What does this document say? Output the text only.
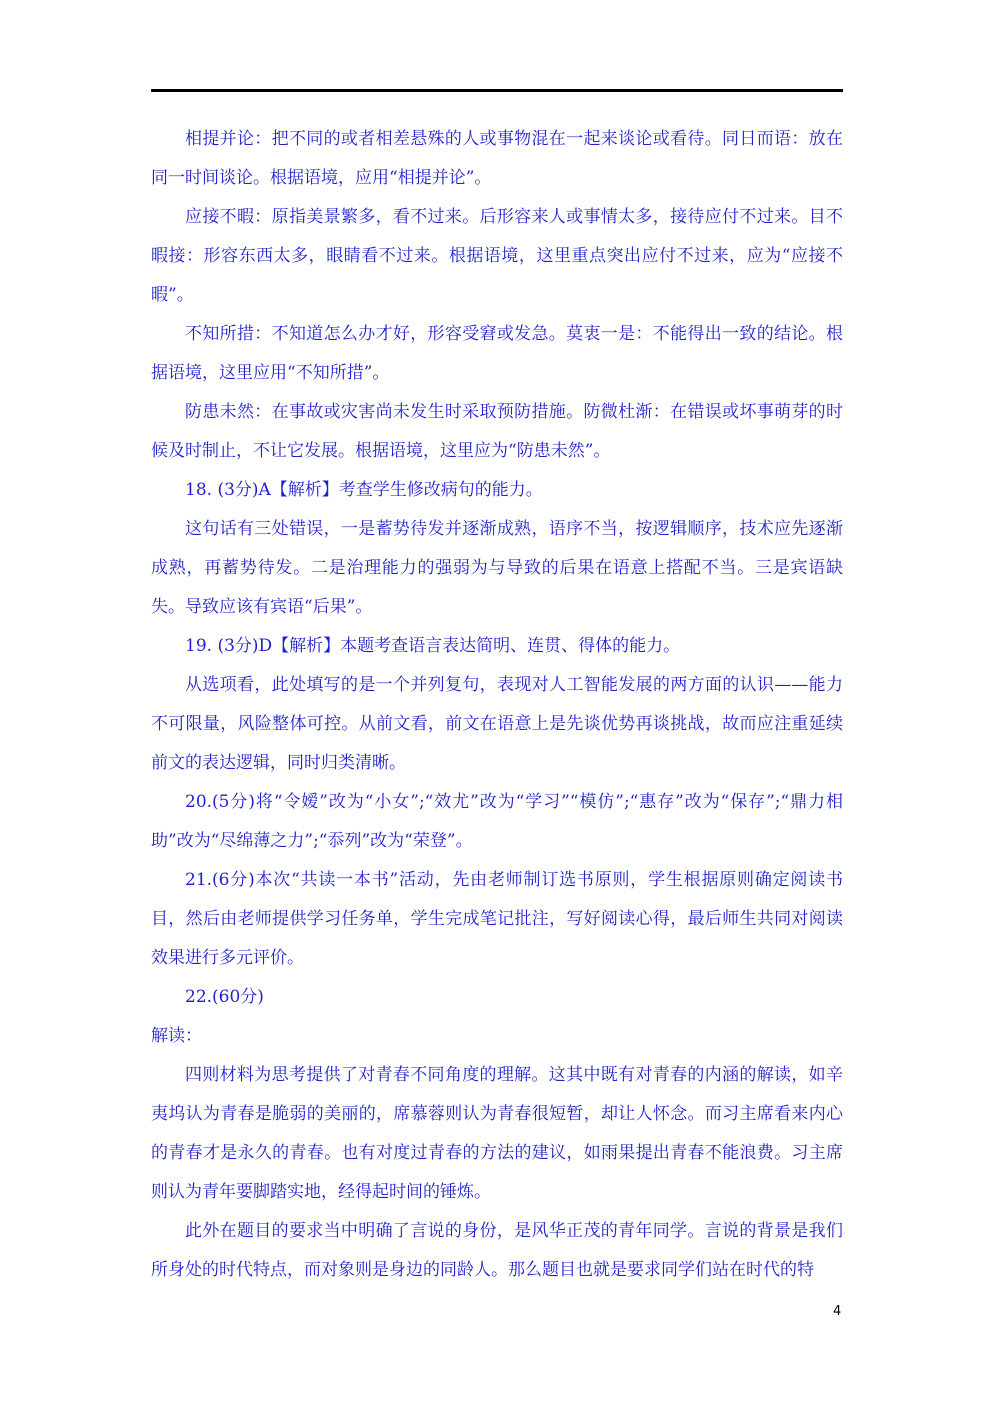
相提并论：把不同的或者相差悬殊的人或事物混在一起来谈论或看待。同日而语：放在同一时间谈论。根据语境，应用“相提并论”。

应接不暇：原指美景繁多，看不过来。后形容来人或事情太多，接待应付不过来。目不暇接：形容东西太多，眼睛看不过来。根据语境，这里重点突出应付不过来，应为“应接不暇”。

不知所措：不知道怎么办才好，形容受窘或发急。莫衷一是：不能得出一致的结论。根据语境，这里应用“不知所措”。

防患未然：在事故或灾害尚未发生时采取预防措施。防微杜渐：在错误或坏事萌芽的时候及时制止，不让它发展。根据语境，这里应为“防患未然”。

18. (3分)A【解析】考查学生修改病句的能力。

这句话有三处错误，一是蓄势待发并逐渐成熟，语序不当，按逻辑顺序，技术应先逐渐成熟，再蓄势待发。二是治理能力的强弱为与导致的后果在语意上搭配不当。三是宾语缺失。导致应该有宾语“后果”。

19. (3分)D【解析】本题考查语言表达简明、连贯、得体的能力。

从选项看，此处填写的是一个并列复句，表现对人工智能发展的两方面的认识——能力不可限量，风险整体可控。从前文看，前文在语意上是先谈优势再谈挑战，故而应注重延续前文的表达逻辑，同时归类清晰。

20.(5分)将“令嫒”改为“小女”;“效尤”改为“学习”“模仿”;“惠存”改为“保存”;“鼎力相助”改为“尽绵薄之力”;“忝列”改为“荣登”。

21.(6分)本次“共读一本书”活动，先由老师制订选书原则，学生根据原则确定阅读书目，然后由老师提供学习任务单，学生完成笔记批注，写好阅读心得，最后师生共同对阅读效果进行多元评价。

22.(60分)

解读：

四则材料为思考提供了对青春不同角度的理解。这其中既有对青春的内涵的解读，如辛夷坞认为青春是脆弱的美丽的，席慕蓉则认为青春很短暂，却让人怀念。而习主席看来内心的青春才是永久的青春。也有对度过青春的方法的建议，如雨果提出青春不能浪费。习主席则认为青年要脚踏实地，经得起时间的锤炼。

此外在题目的要求当中明确了言说的身份，是风华正茂的青年同学。言说的背景是我们所身处的时代特点，而对象则是身边的同龄人。那么题目也就是要求同学们站在时代的特

4
